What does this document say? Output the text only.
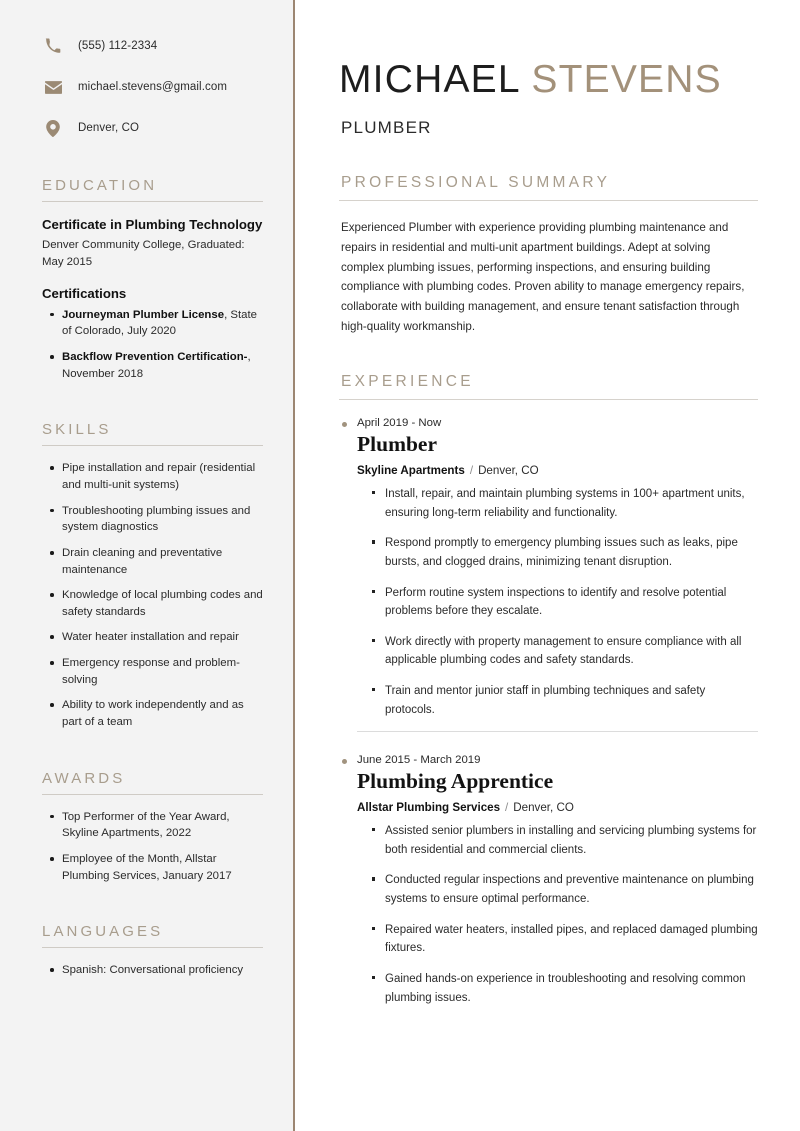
(555) 112-2334
michael.stevens@gmail.com
Denver, CO
EDUCATION

Certificate in Plumbing Technology

Denver Community College, Graduated: May 2015

Certifications

Journeyman Plumber License, State of Colorado, July 2020
Backflow Prevention Certification-, November 2018
SKILLS
Pipe installation and repair (residential and multi-unit systems)
Troubleshooting plumbing issues and system diagnostics
Drain cleaning and preventative maintenance
Knowledge of local plumbing codes and safety standards
Water heater installation and repair
Emergency response and problem-solving
Ability to work independently and as part of a team
AWARDS
Top Performer of the Year Award, Skyline Apartments, 2022
Employee of the Month, Allstar Plumbing Services, January 2017
LANGUAGES
Spanish: Conversational proficiency
MICHAEL STEVENS

PLUMBER

PROFESSIONAL SUMMARY

Experienced Plumber with experience providing plumbing maintenance and repairs in residential and multi-unit apartment buildings. Adept at solving complex plumbing issues, performing inspections, and ensuring building compliance with plumbing codes. Proven ability to manage emergency repairs, collaborate with building management, and ensure tenant satisfaction through high-quality workmanship.

EXPERIENCE
April 2019 - Now
Plumber

Skyline Apartments / Denver, CO

Install, repair, and maintain plumbing systems in 100+ apartment units, ensuring long-term reliability and functionality.
Respond promptly to emergency plumbing issues such as leaks, pipe bursts, and clogged drains, minimizing tenant disruption.
Perform routine system inspections to identify and resolve potential problems before they escalate.
Work directly with property management to ensure compliance with all applicable plumbing codes and safety standards.
Train and mentor junior staff in plumbing techniques and safety protocols.
June 2015 - March 2019
Plumbing Apprentice

Allstar Plumbing Services / Denver, CO

Assisted senior plumbers in installing and servicing plumbing systems for both residential and commercial clients.
Conducted regular inspections and preventive maintenance on plumbing systems to ensure optimal performance.
Repaired water heaters, installed pipes, and replaced damaged plumbing fixtures.
Gained hands-on experience in troubleshooting and resolving common plumbing issues.
